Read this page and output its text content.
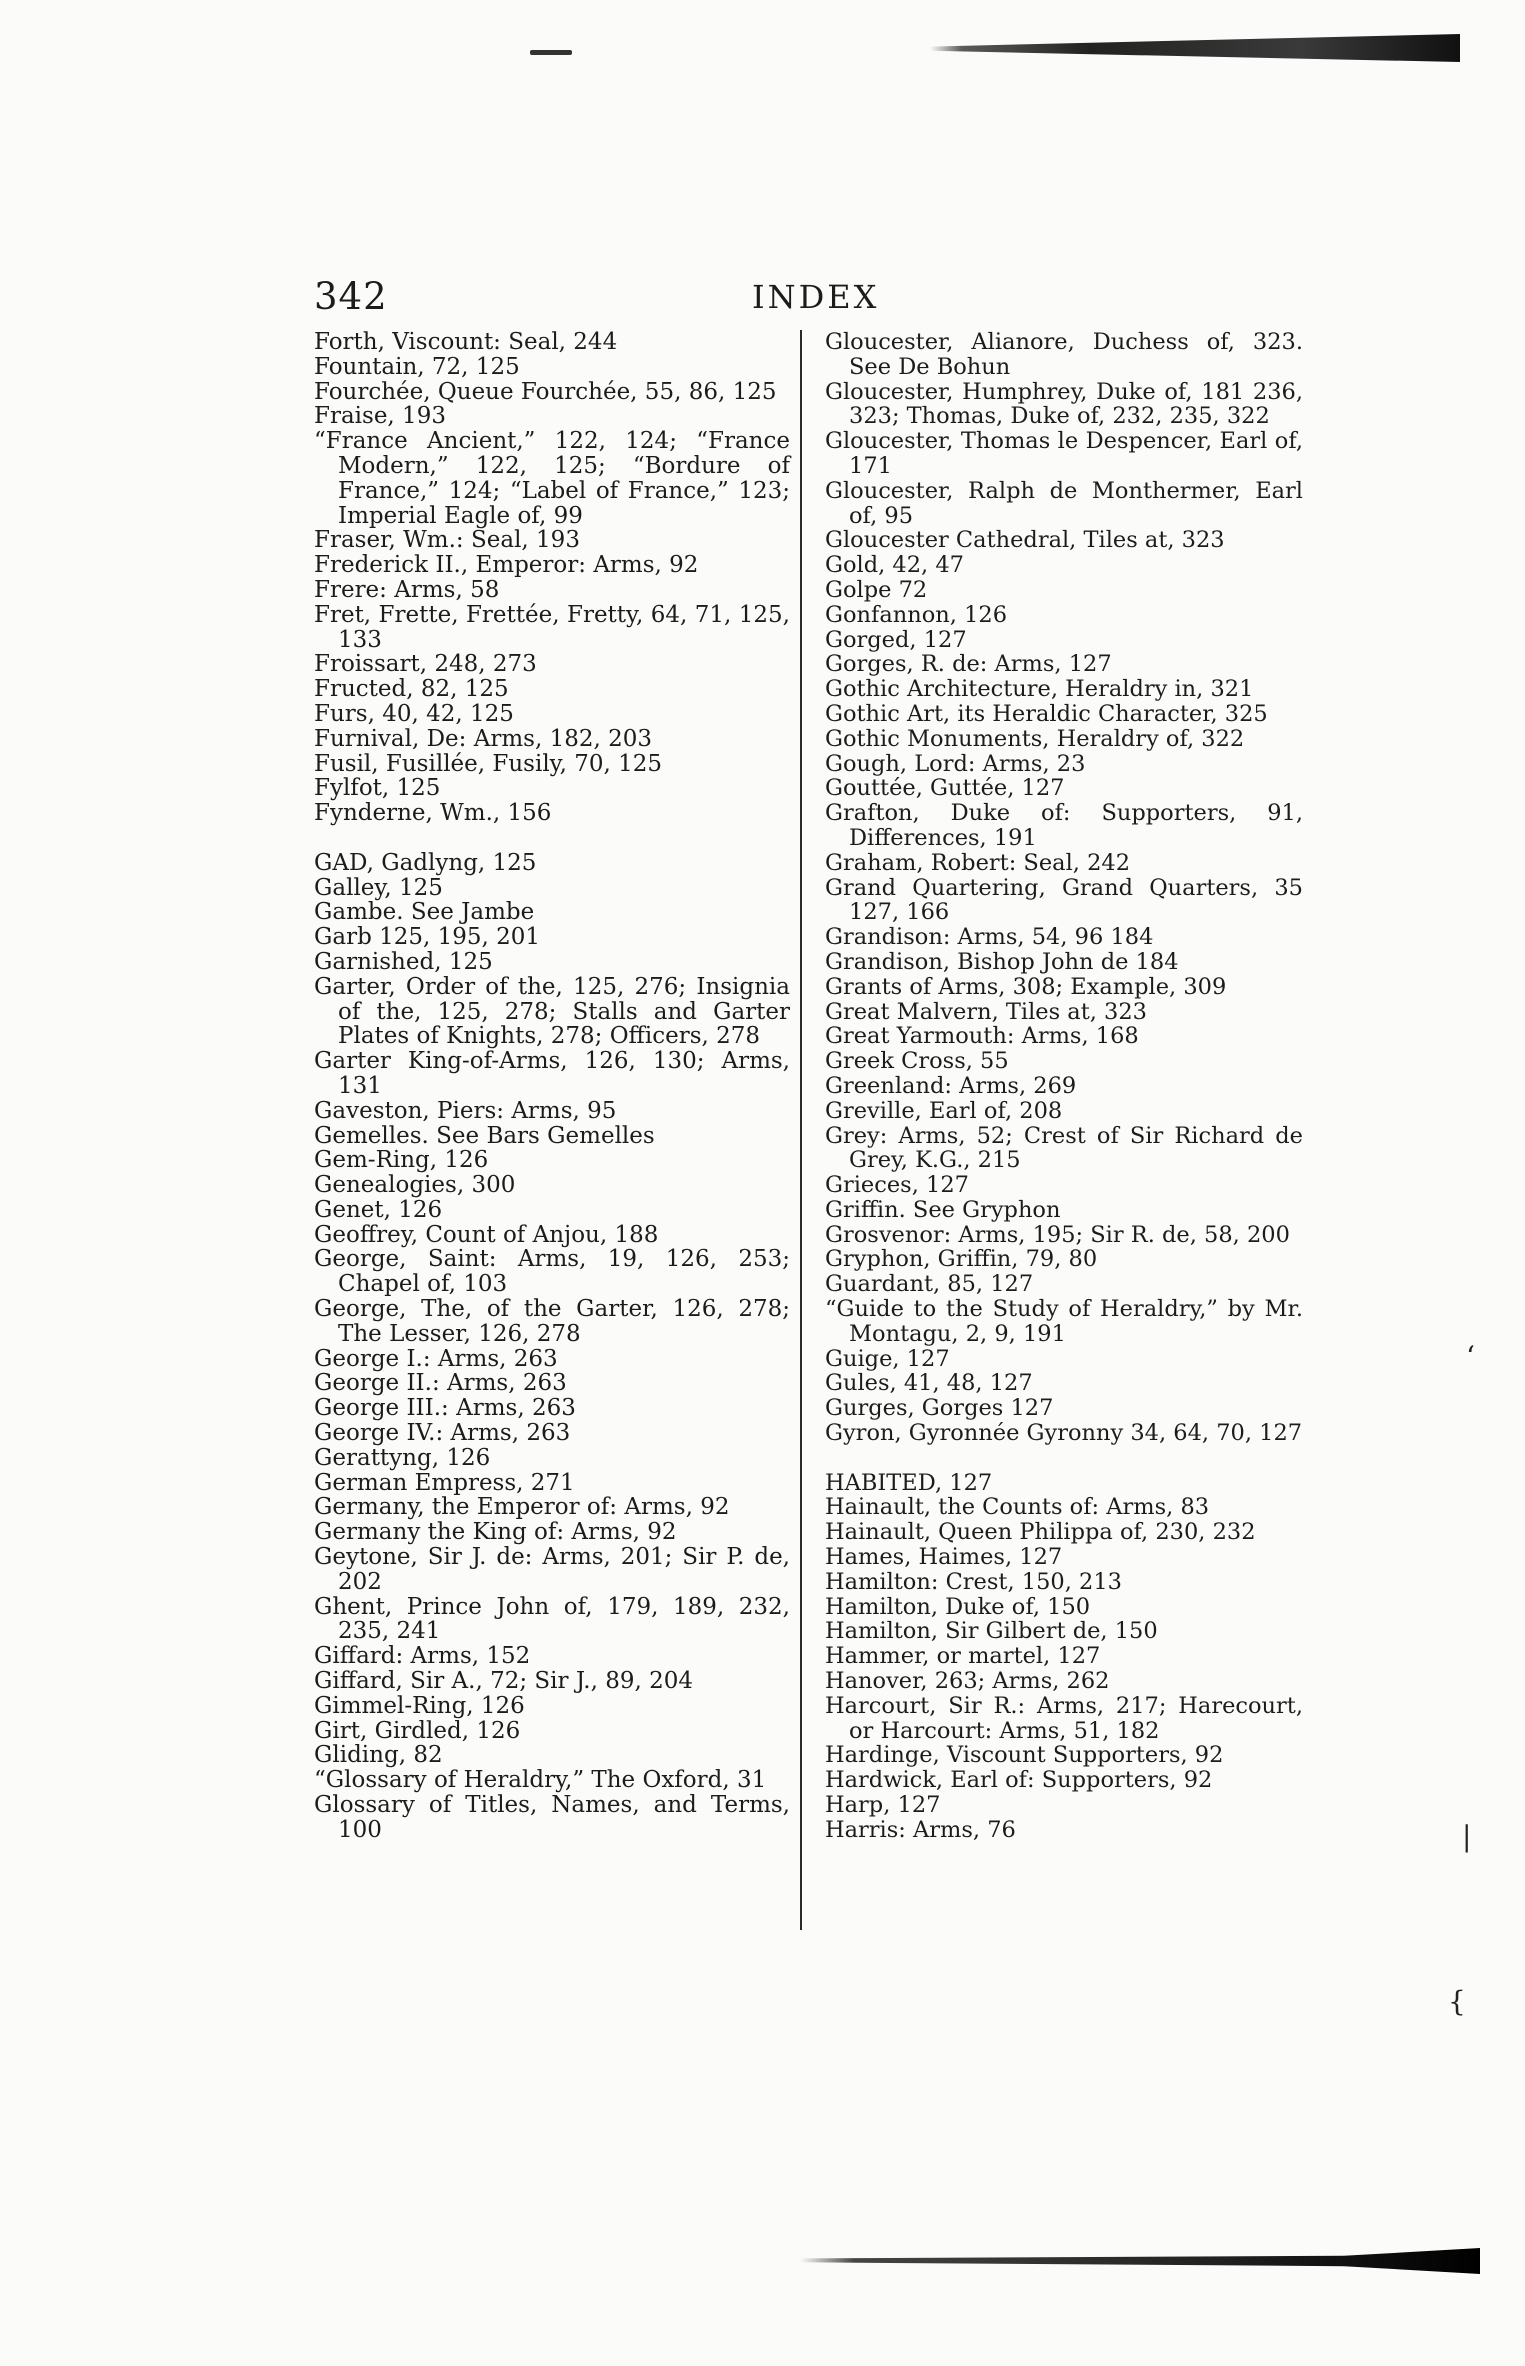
‘
|
{
342	INDEX
Forth, Viscount: Seal, 244
Fountain, 72, 125
Fourchée, Queue Fourchée, 55, 86, 125
Fraise, 193
“France Ancient,” 122, 124; “France Modern,” 122, 125; “Bordure of France,” 124; “Label of France,” 123; Imperial Eagle of, 99
Fraser, Wm.: Seal, 193
Frederick II., Emperor: Arms, 92
Frere: Arms, 58
Fret, Frette, Frettée, Fretty, 64, 71, 125, 133
Froissart, 248, 273
Fructed, 82, 125
Furs, 40, 42, 125
Furnival, De: Arms, 182, 203
Fusil, Fusillée, Fusily, 70, 125
Fylfot, 125
Fynderne, Wm., 156
GAD, Gadlyng, 125
Galley, 125
Gambe. See Jambe
Garb 125, 195, 201
Garnished, 125
Garter, Order of the, 125, 276; Insignia of the, 125, 278; Stalls and Garter Plates of Knights, 278; Officers, 278
Garter King-of-Arms, 126, 130; Arms, 131
Gaveston, Piers: Arms, 95
Gemelles. See Bars Gemelles
Gem-Ring, 126
Genealogies, 300
Genet, 126
Geoffrey, Count of Anjou, 188
George, Saint: Arms, 19, 126, 253; Chapel of, 103
George, The, of the Garter, 126, 278; The Lesser, 126, 278
George I.: Arms, 263
George II.: Arms, 263
George III.: Arms, 263
George IV.: Arms, 263
Gerattyng, 126
German Empress, 271
Germany, the Emperor of: Arms, 92
Germany the King of: Arms, 92
Geytone, Sir J. de: Arms, 201; Sir P. de, 202
Ghent, Prince John of, 179, 189, 232, 235, 241
Giffard: Arms, 152
Giffard, Sir A., 72; Sir J., 89, 204
Gimmel-Ring, 126
Girt, Girdled, 126
Gliding, 82
“Glossary of Heraldry,” The Oxford, 31
Glossary of Titles, Names, and Terms, 100
Gloucester, Alianore, Duchess of, 323. See De Bohun
Gloucester, Humphrey, Duke of, 181 236, 323; Thomas, Duke of, 232, 235, 322
Gloucester, Thomas le Despencer, Earl of, 171
Gloucester, Ralph de Monthermer, Earl of, 95
Gloucester Cathedral, Tiles at, 323
Gold, 42, 47
Golpe 72
Gonfannon, 126
Gorged, 127
Gorges, R. de: Arms, 127
Gothic Architecture, Heraldry in, 321
Gothic Art, its Heraldic Character, 325
Gothic Monuments, Heraldry of, 322
Gough, Lord: Arms, 23
Gouttée, Guttée, 127
Grafton, Duke of: Supporters, 91, Differences, 191
Graham, Robert: Seal, 242
Grand Quartering, Grand Quarters, 35 127, 166
Grandison: Arms, 54, 96 184
Grandison, Bishop John de 184
Grants of Arms, 308; Example, 309
Great Malvern, Tiles at, 323
Great Yarmouth: Arms, 168
Greek Cross, 55
Greenland: Arms, 269
Greville, Earl of, 208
Grey: Arms, 52; Crest of Sir Richard de Grey, K.G., 215
Grieces, 127
Griffin. See Gryphon
Grosvenor: Arms, 195; Sir R. de, 58, 200
Gryphon, Griffin, 79, 80
Guardant, 85, 127
“Guide to the Study of Heraldry,” by Mr. Montagu, 2, 9, 191
Guige, 127
Gules, 41, 48, 127
Gurges, Gorges 127
Gyron, Gyronnée Gyronny 34, 64, 70, 127
HABITED, 127
Hainault, the Counts of: Arms, 83
Hainault, Queen Philippa of, 230, 232
Hames, Haimes, 127
Hamilton: Crest, 150, 213
Hamilton, Duke of, 150
Hamilton, Sir Gilbert de, 150
Hammer, or martel, 127
Hanover, 263; Arms, 262
Harcourt, Sir R.: Arms, 217; Harecourt, or Harcourt: Arms, 51, 182
Hardinge, Viscount Supporters, 92
Hardwick, Earl of: Supporters, 92
Harp, 127
Harris: Arms, 76
